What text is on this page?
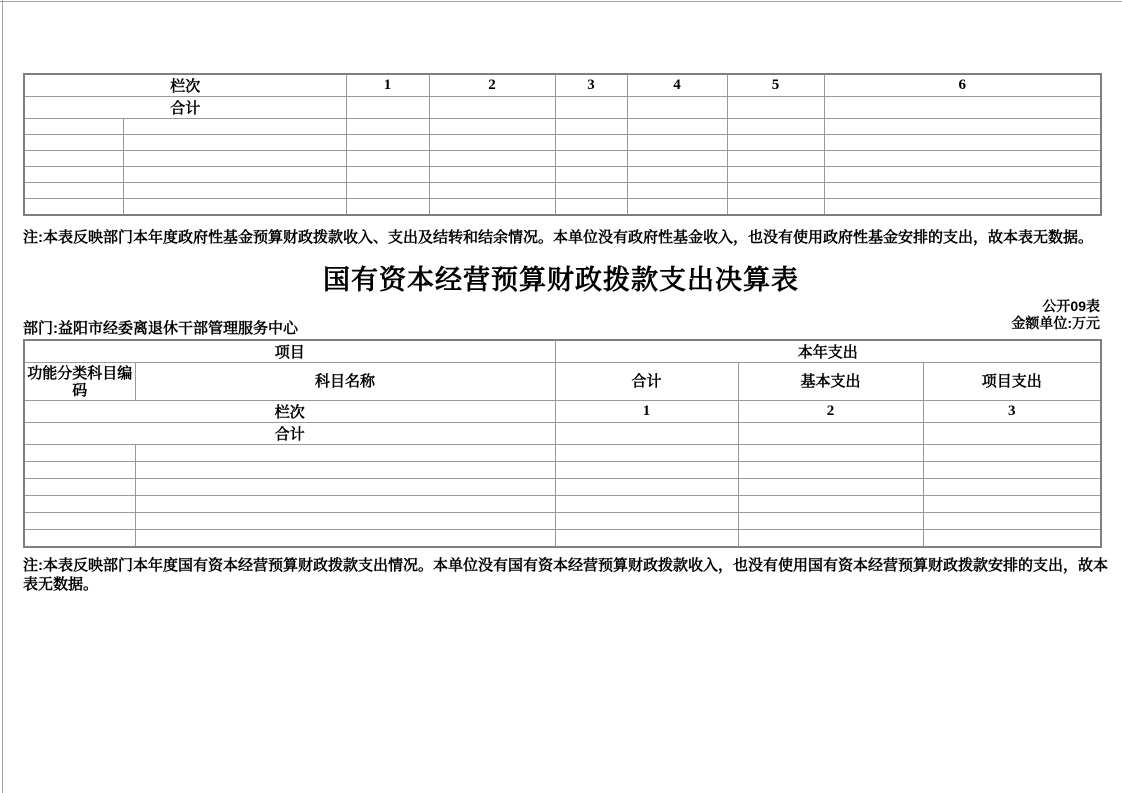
栏次		1	2	3	4	5	6
合计							

注:本表反映部门本年度政府性基金预算财政拨款收入、支出及结转和结余情况。本单位没有政府性基金收入，也没有使用政府性基金安排的支出，故本表无数据。
国有资本经营预算财政拨款支出决算表
公开09表
金额单位:万元
部门:益阳市经委离退休干部管理服务中心
项目		本年支出		
功能分类科目编码	科目名称	合计	基本支出	项目支出
栏次		1	2	3
合计				

注:本表反映部门本年度国有资本经营预算财政拨款支出情况。本单位没有国有资本经营预算财政拨款收入，也没有使用国有资本经营预算财政拨款安排的支出，故本表无数据。
